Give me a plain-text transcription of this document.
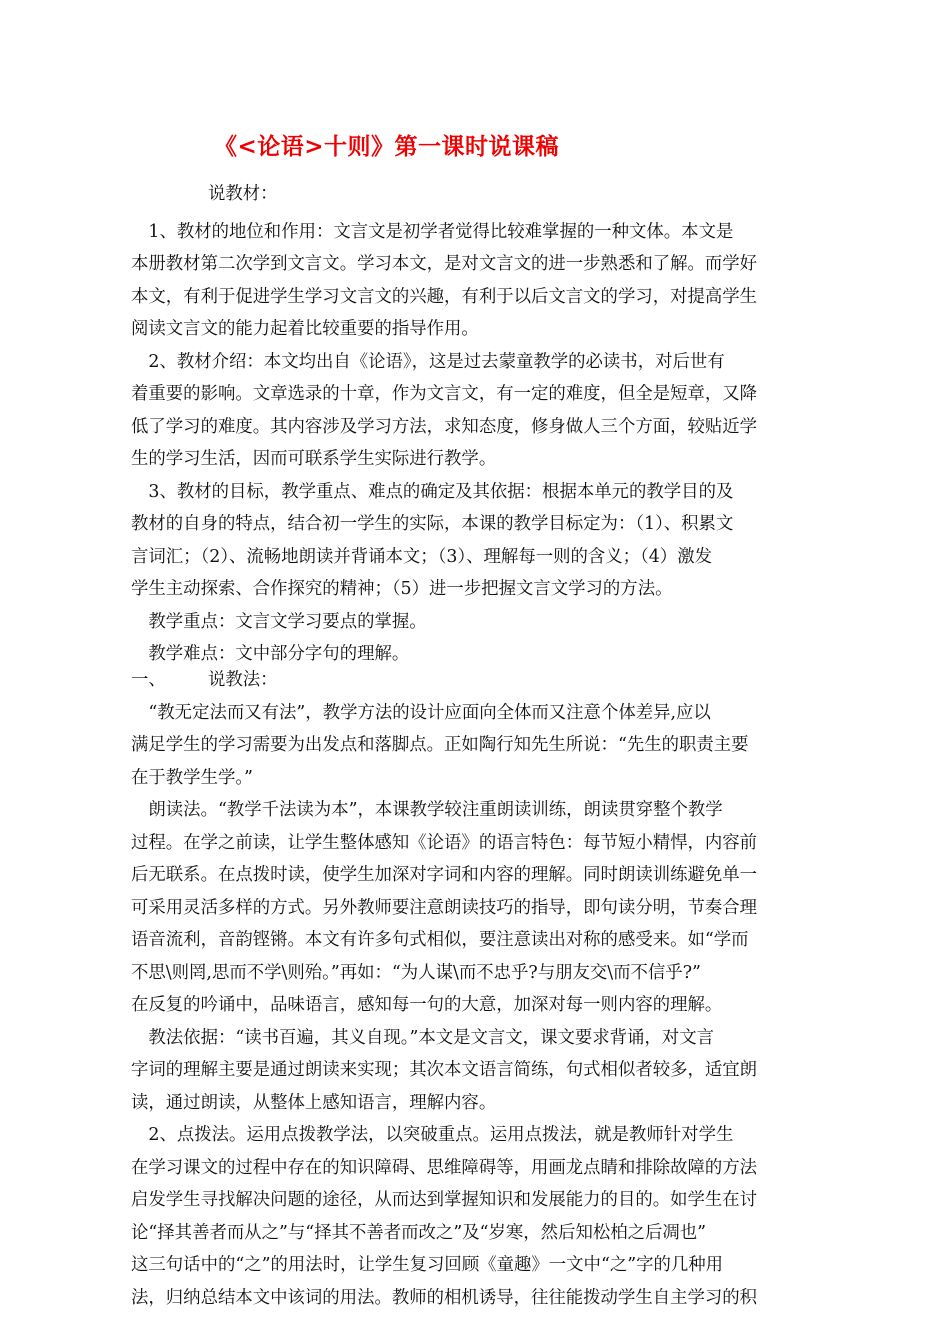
《<论语>十则》第一课时说课稿
说教材：
　1、教材的地位和作用：文言文是初学者觉得比较难掌握的一种文体。本文是
本册教材第二次学到文言文。学习本文，是对文言文的进一步熟悉和了解。而学好
本文，有利于促进学生学习文言文的兴趣，有利于以后文言文的学习，对提高学生
阅读文言文的能力起着比较重要的指导作用。
　2、教材介绍：本文均出自《论语》，这是过去蒙童教学的必读书，对后世有
着重要的影响。文章选录的十章，作为文言文，有一定的难度，但全是短章，又降
低了学习的难度。其内容涉及学习方法，求知态度，修身做人三个方面，较贴近学
生的学习生活，因而可联系学生实际进行教学。
　3、教材的目标，教学重点、难点的确定及其依据：根据本单元的教学目的及
教材的自身的特点，结合初一学生的实际，本课的教学目标定为：（1）、积累文
言词汇；（2）、流畅地朗读并背诵本文；（3）、理解每一则的含义；（4）激发
学生主动探索、合作探究的精神；（5）进一步把握文言文学习的方法。
　教学重点：文言文学习要点的掌握。
　教学难点：文中部分字句的理解。
一、 说教法：
　“教无定法而又有法”，教学方法的设计应面向全体而又注意个体差异,应以
满足学生的学习需要为出发点和落脚点。正如陶行知先生所说：“先生的职责主要
在于教学生学。”
　朗读法。“教学千法读为本”，本课教学较注重朗读训练，朗读贯穿整个教学
过程。在学之前读，让学生整体感知《论语》的语言特色：每节短小精悍，内容前
后无联系。在点拨时读，使学生加深对字词和内容的理解。同时朗读训练避免单一
可采用灵活多样的方式。另外教师要注意朗读技巧的指导，即句读分明，节奏合理
语音流利，音韵铿锵。本文有许多句式相似，要注意读出对称的感受来。如“学而
不思\则罔,思而不学\则殆。”再如：“为人谋\而不忠乎?与朋友交\而不信乎?”
在反复的吟诵中，品味语言，感知每一句的大意，加深对每一则内容的理解。
　教法依据：“读书百遍，其义自现。”本文是文言文，课文要求背诵，对文言
字词的理解主要是通过朗读来实现；其次本文语言简练，句式相似者较多，适宜朗
读，通过朗读，从整体上感知语言，理解内容。
　2、点拨法。运用点拨教学法，以突破重点。运用点拨法，就是教师针对学生
在学习课文的过程中存在的知识障碍、思维障碍等，用画龙点睛和排除故障的方法
启发学生寻找解决问题的途径，从而达到掌握知识和发展能力的目的。如学生在讨
论“择其善者而从之”与“择其不善者而改之”及“岁寒，然后知松柏之后凋也”
这三句话中的“之”的用法时，让学生复习回顾《童趣》一文中“之”字的几种用
法，归纳总结本文中该词的用法。教师的相机诱导，往往能拨动学生自主学习的积
